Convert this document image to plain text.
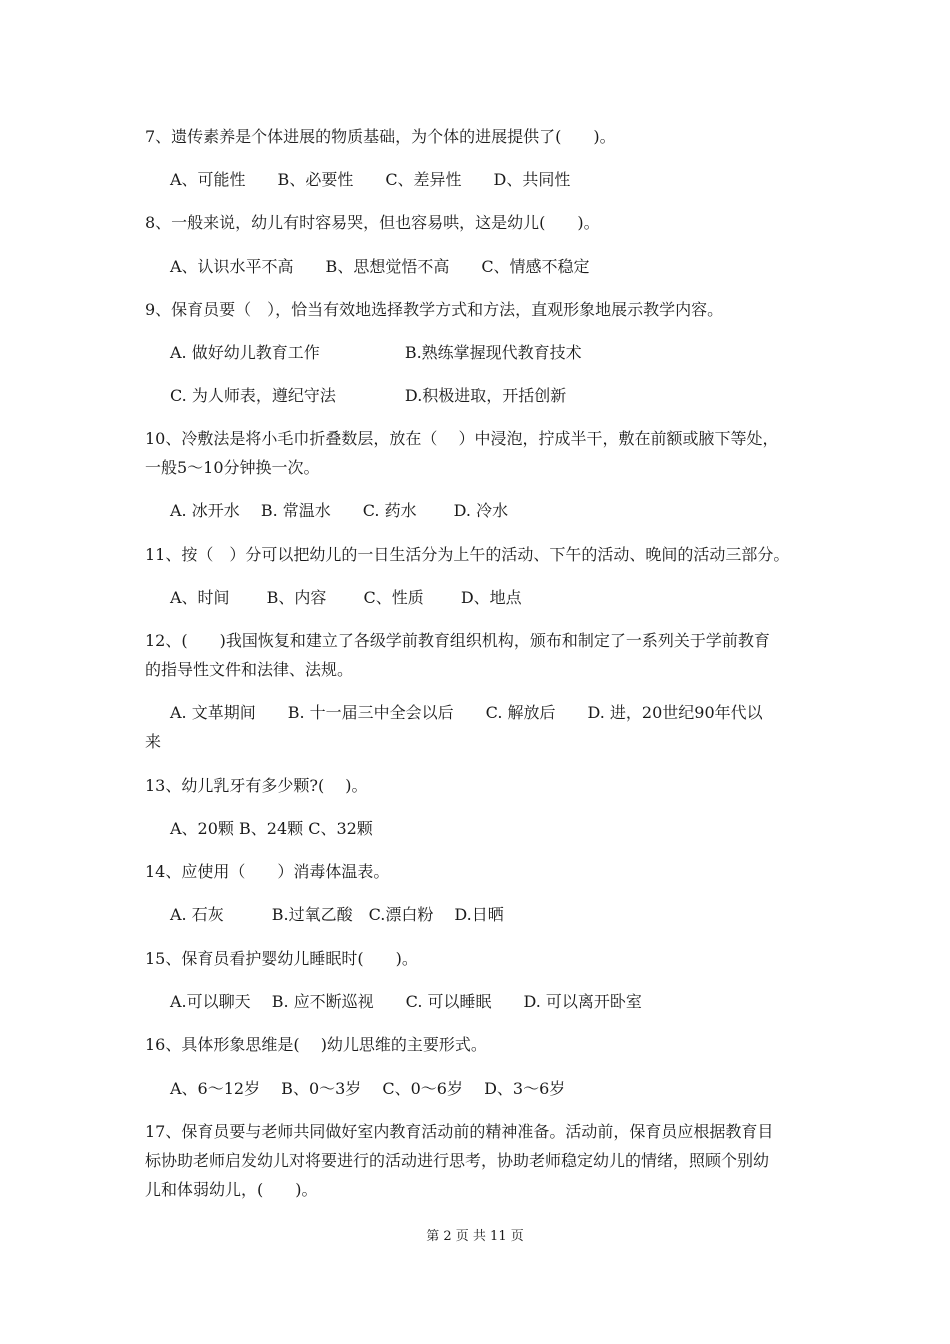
7、遗传素养是个体进展的物质基础，为个体的进展提供了(　　)。
A、可能性　　B、必要性　　C、差异性　　D、共同性
8、一般来说，幼儿有时容易哭，但也容易哄，这是幼儿(　　)。
A、认识水平不高　　B、思想觉悟不高　　C、情感不稳定
9、保育员要（　），恰当有效地选择教学方式和方法，直观形象地展示教学内容。
A. 做好幼儿教育工作　　　　　 B.熟练掌握现代教育技术
C. 为人师表，遵纪守法　　　　 D.积极进取，开括创新
10、冷敷法是将小毛巾折叠数层，放在（　 ）中浸泡，拧成半干，敷在前额或腋下等处，
一般5～10分钟换一次。
A. 冰开水　 B. 常温水　　C. 药水　　 D. 冷水
11、按（　）分可以把幼儿的一日生活分为上午的活动、下午的活动、晚间的活动三部分。
A、时间　　 B、内容　　 C、性质　　 D、地点
12、(　　)我国恢复和建立了各级学前教育组织机构，颁布和制定了一系列关于学前教育
的指导性文件和法律、法规。
A. 文革期间　　B. 十一届三中全会以后　　C. 解放后　　D. 进，20世纪90年代以
来
13、幼儿乳牙有多少颗?(　 )。
A、20颗 B、24颗 C、32颗
14、应使用（　　）消毒体温表。
A. 石灰　　　B.过氧乙酸　C.漂白粉　 D.日晒
15、保育员看护婴幼儿睡眠时(　　)。
A.可以聊天　 B. 应不断巡视　　C. 可以睡眠　　D. 可以离开卧室
16、具体形象思维是(　 )幼儿思维的主要形式。
A、6～12岁　 B、0～3岁　 C、0～6岁　 D、3～6岁
17、保育员要与老师共同做好室内教育活动前的精神准备。活动前，保育员应根据教育目
标协助老师启发幼儿对将要进行的活动进行思考，协助老师稳定幼儿的情绪，照顾个别幼
儿和体弱幼儿，(　　)。
第 2 页 共 11 页
